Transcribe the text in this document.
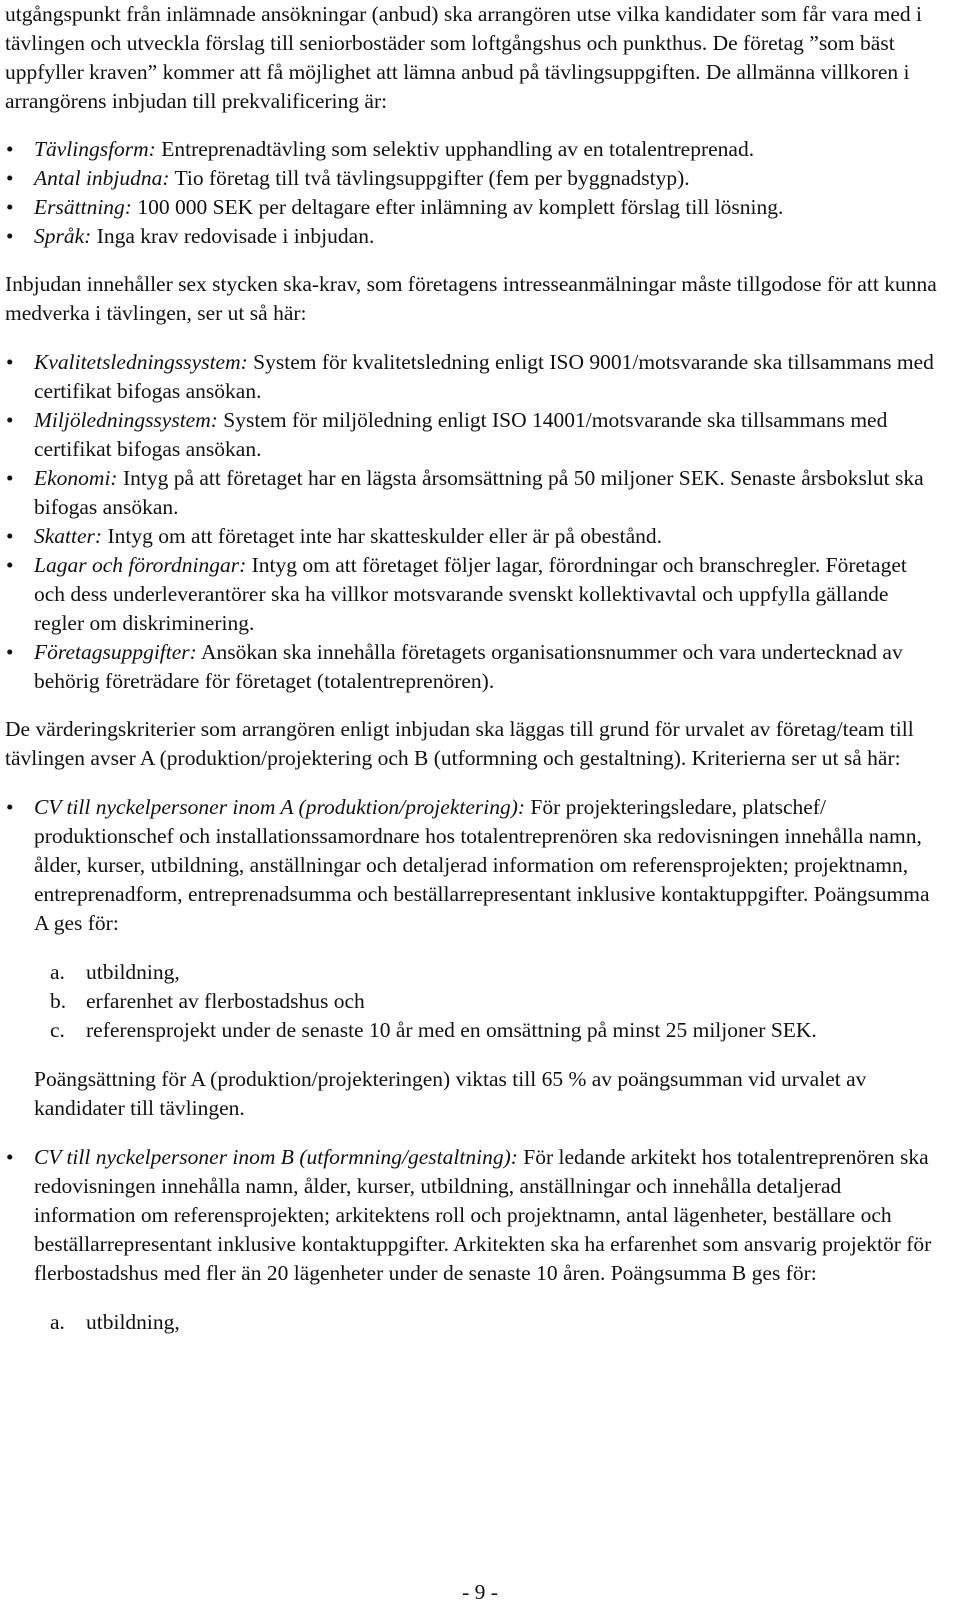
utgångspunkt från inlämnade ansökningar (anbud) ska arrangören utse vilka kandidater som får vara med i tävlingen och utveckla förslag till seniorbostäder som loftgångshus och punkthus. De företag ”som bäst uppfyller kraven” kommer att få möjlighet att lämna anbud på tävlingsuppgiften. De allmänna villkoren i arrangörens inbjudan till prekvalificering är:

• Tävlingsform: Entreprenadtävling som selektiv upphandling av en totalentreprenad.
• Antal inbjudna: Tio företag till två tävlingsuppgifter (fem per byggnadstyp).
• Ersättning: 100 000 SEK per deltagare efter inlämning av komplett förslag till lösning.
• Språk: Inga krav redovisade i inbjudan.

Inbjudan innehåller sex stycken ska-krav, som företagens intresseanmälningar måste tillgodose för att kunna medverka i tävlingen, ser ut så här:

• Kvalitetsledningssystem: System för kvalitetsledning enligt ISO 9001/motsvarande ska tillsammans med certifikat bifogas ansökan.
• Miljöledningssystem: System för miljöledning enligt ISO 14001/motsvarande ska tillsammans med certifikat bifogas ansökan.
• Ekonomi: Intyg på att företaget har en lägsta årsomsättning på 50 miljoner SEK. Senaste årsbokslut ska bifogas ansökan.
• Skatter: Intyg om att företaget inte har skatteskulder eller är på obestånd.
• Lagar och förordningar: Intyg om att företaget följer lagar, förordningar och branschregler. Företaget och dess underleverantörer ska ha villkor motsvarande svenskt kollektivavtal och uppfylla gällande regler om diskriminering.
• Företagsuppgifter: Ansökan ska innehålla företagets organisationsnummer och vara undertecknad av behörig företrädare för företaget (totalentreprenören).

De värderingskriterier som arrangören enligt inbjudan ska läggas till grund för urvalet av företag/team till tävlingen avser A (produktion/projektering och B (utformning och gestaltning). Kriterierna ser ut så här:

• CV till nyckelpersoner inom A (produktion/projektering): För projekteringsledare, platschef/ produktionschef och installationssamordnare hos totalentreprenören ska redovisningen innehålla namn, ålder, kurser, utbildning, anställningar och detaljerad information om referensprojekten; projektnamn, entreprenadform, entreprenadsumma och beställarrepresentant inklusive kontaktuppgifter. Poängsumma A ges för:
a. utbildning,
b. erfarenhet av flerbostadshus och
c. referensprojekt under de senaste 10 år med en omsättning på minst 25 miljoner SEK.

Poängsättning för A (produktion/projekteringen) viktas till 65 % av poängsumman vid urvalet av kandidater till tävlingen.

• CV till nyckelpersoner inom B (utformning/gestaltning): För ledande arkitekt hos totalentreprenören ska redovisningen innehålla namn, ålder, kurser, utbildning, anställningar och innehålla detaljerad information om referensprojekten; arkitektens roll och projektnamn, antal lägenheter, beställare och beställarrepresentant inklusive kontaktuppgifter. Arkitekten ska ha erfarenhet som ansvarig projektör för flerbostadshus med fler än 20 lägenheter under de senaste 10 åren. Poängsumma B ges för:
a. utbildning,
- 9 -
